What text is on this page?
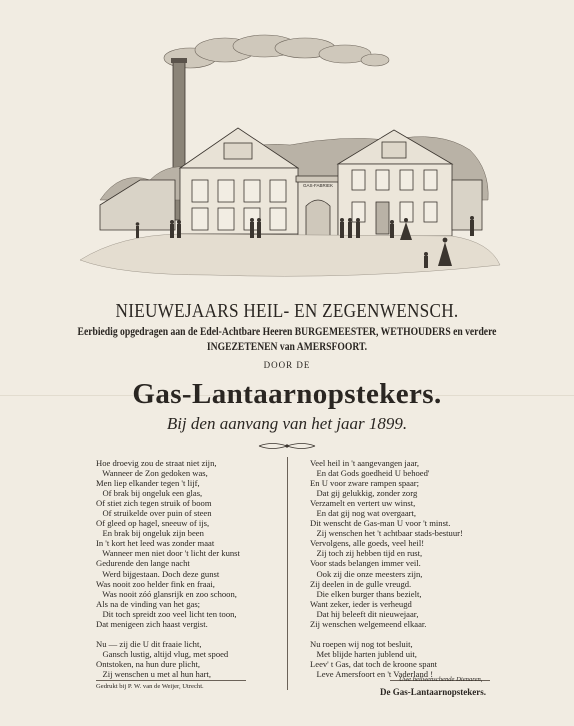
GAS-FABRIEK
NIEUWEJAARS HEIL- EN ZEGENWENSCH.
Eerbiedig opgedragen aan de Edel-Achtbare Heeren BURGEMEESTER, WETHOUDERS en verdere
INGEZETENEN van AMERSFOORT.
DOOR DE
Gas-Lantaarnopstekers.
Bij den aanvang van het jaar 1899.
Hoe droevig zou de straat niet zijn,
Wanneer de Zon gedoken was,
Men liep elkander tegen 't lijf,
Of brak bij ongeluk een glas,
Of stiet zich tegen struik of boom
Of struikelde over puin of steen
Of gleed op hagel, sneeuw of ijs,
En brak bij ongeluk zijn been
In 't kort het leed was zonder maat
Wanneer men niet door 't licht der kunst
Gedurende den lange nacht
Werd bijgestaan. Doch deze gunst
Was nooit zoo helder fink en fraai,
Was nooit zóó glansrijk en zoo schoon,
Als na de vinding van het gas;
Dit toch spreidt zoo veel licht ten toon,
Dat menigeen zich haast vergist.

Nu — zij die U dit fraaie licht,
Gansch lustig, altijd vlug, met spoed
Ontstoken, na hun dure plicht,
Zij wenschen u met al hun hart,
Veel heil in 't aangevangen jaar,
En dat Gods goedheid U behoed'
En U voor zware rampen spaar;
Dat gij gelukkig, zonder zorg
Verzamelt en vertert uw winst,
En dat gij nog wat overgaart,
Dit wenscht de Gas-man U voor 't minst.
Zij wenschen het 't achtbaar stads-bestuur!
Vervolgens, alle goeds, veel heil!
Zij toch zij hebben tijd en rust,
Voor stads belangen immer veil.
Ook zij die onze meesters zijn,
Zij deelen in de gulle vreugd.
Die elken burger thans bezielt,
Want zeker, ieder is verheugd
Dat hij beleeft dit nieuwejaar,
Zij wenschen welgemeend elkaar.

Nu roepen wij nog tot besluit,
Met blijde harten jublend uit,
Leev' t Gas, dat toch de kroone spant
Leve Amersfoort en 't Vaderland !
Gedrukt bij P. W. van de Weijer, Utrecht.
Uwe heilwenschende Dienaren,
De Gas-Lantaarnopstekers.
